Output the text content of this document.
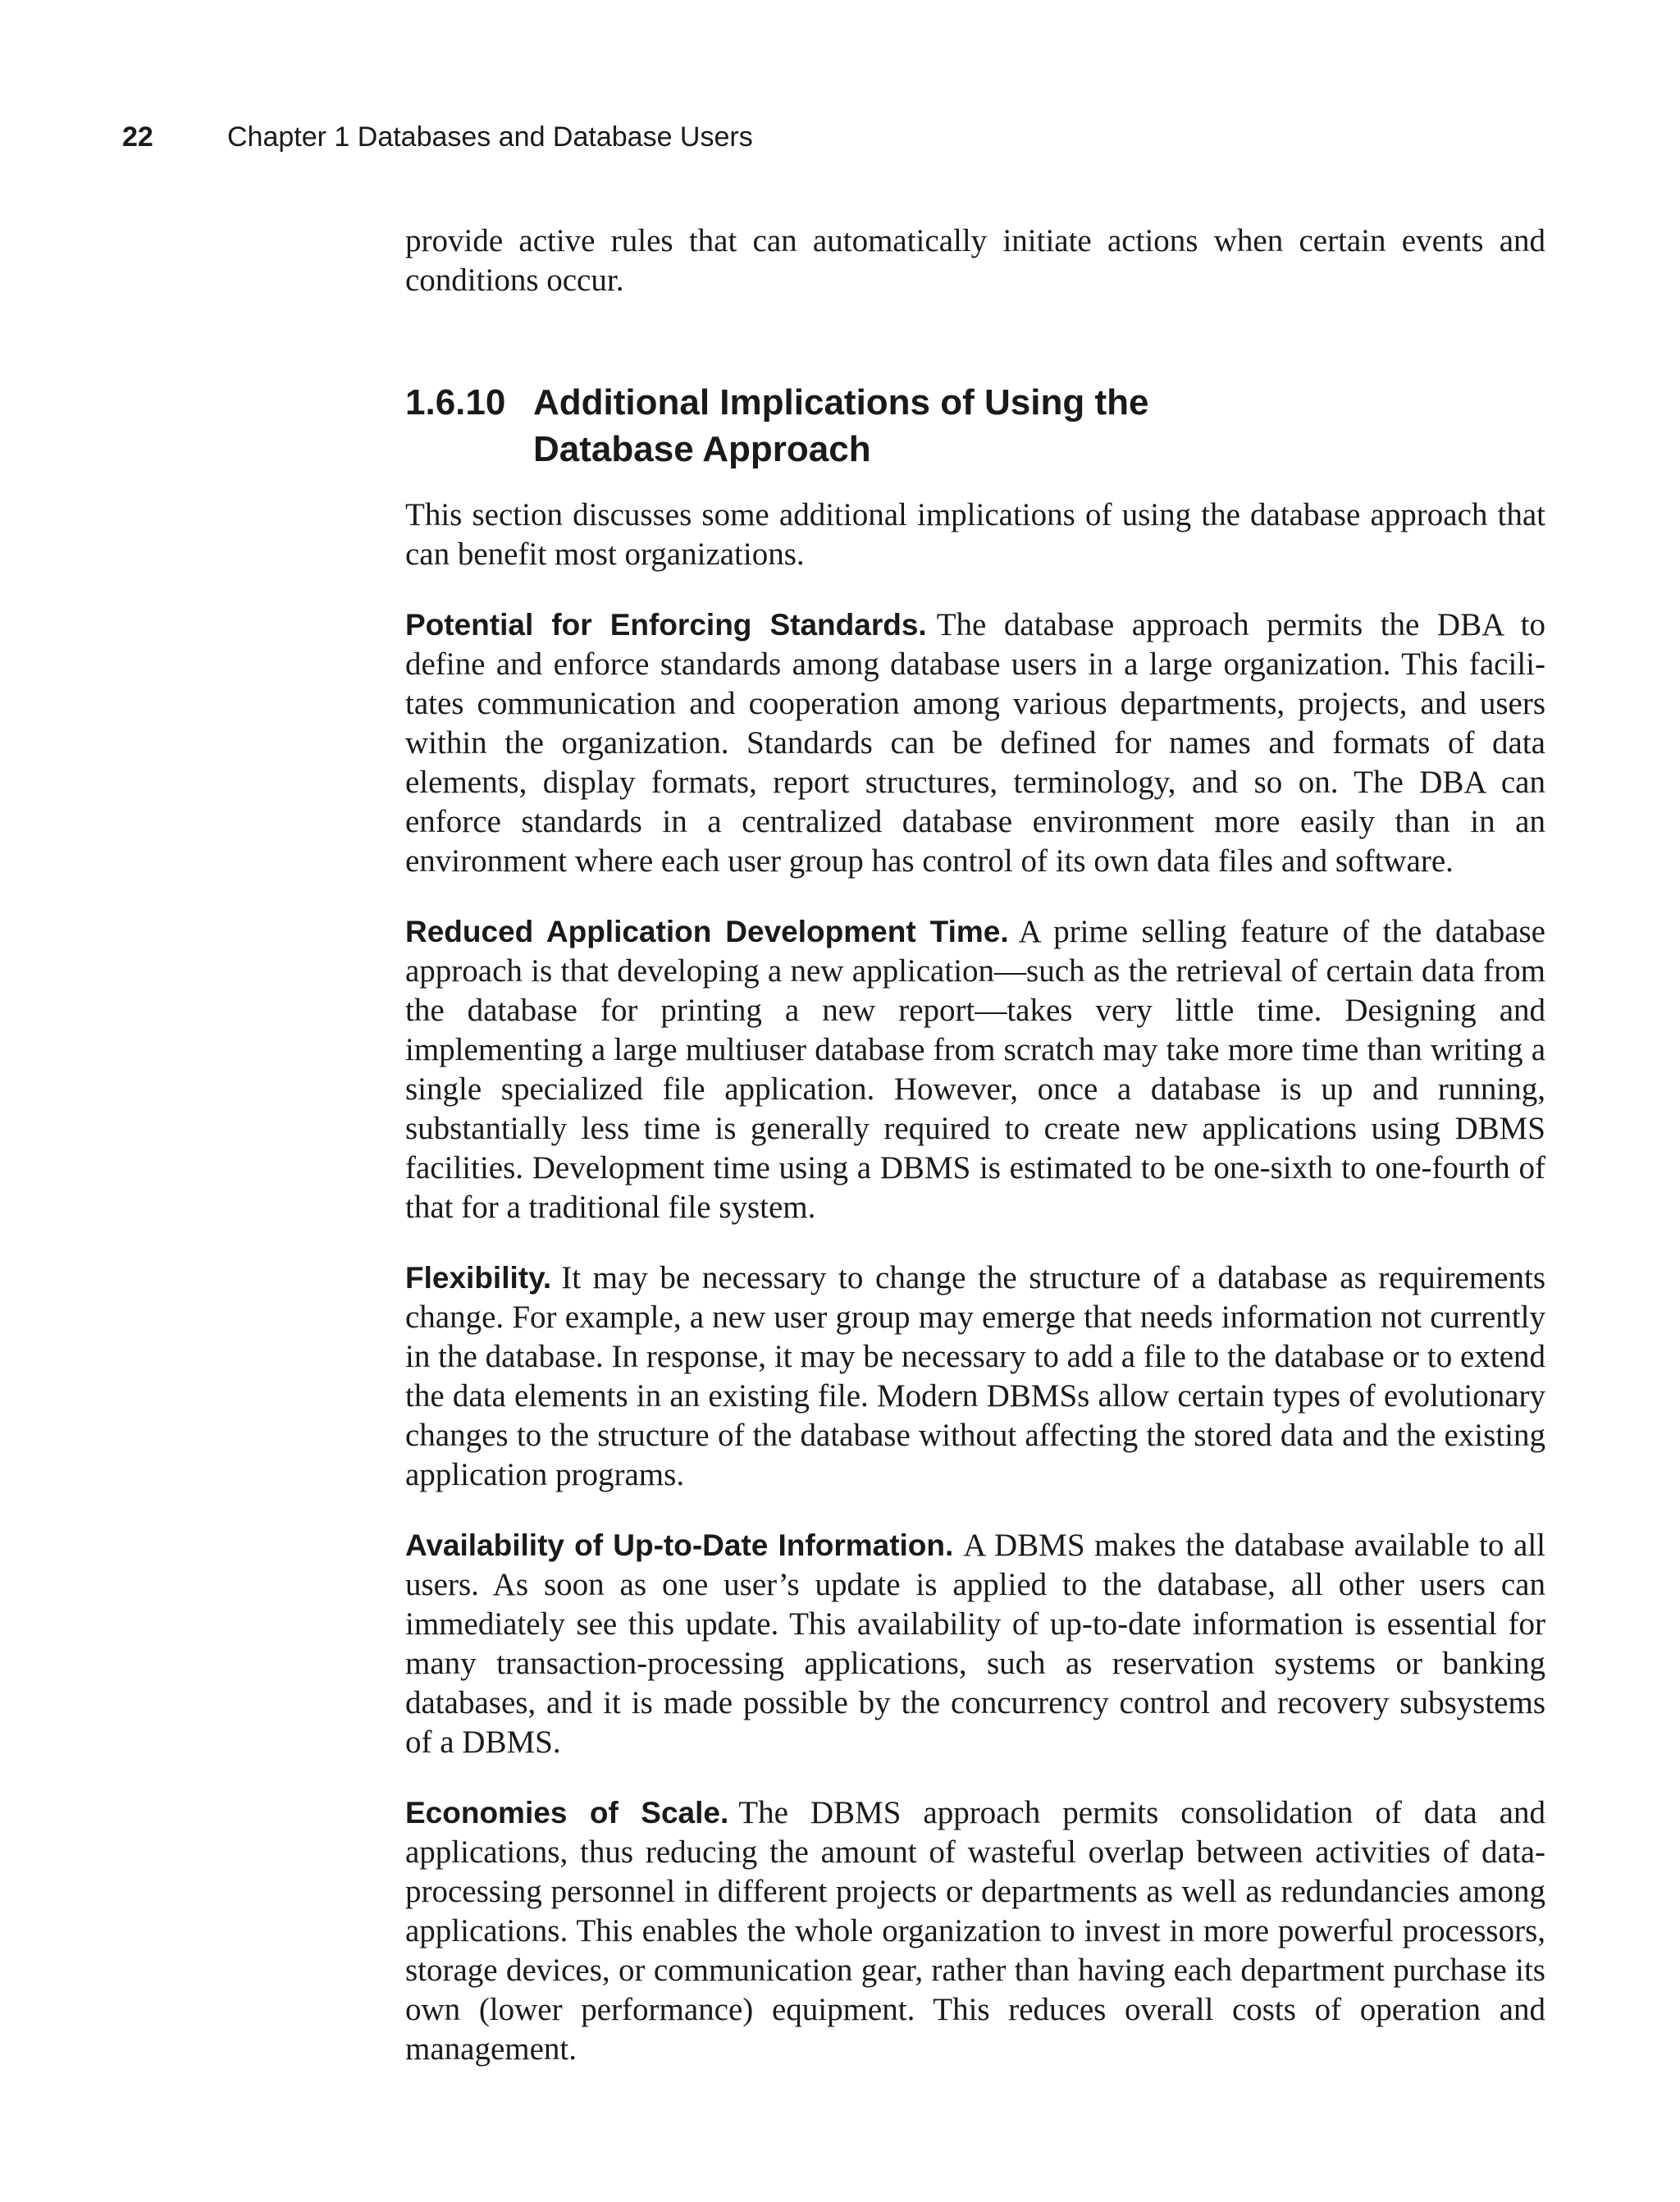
22	Chapter 1 Databases and Database Users

provide active rules that can automatically initiate actions when certain events and conditions occur.

1.6.10 Additional Implications of Using the Database Approach

This section discusses some additional implications of using the database approach that can benefit most organizations.

Potential for Enforcing Standards. The database approach permits the DBA to define and enforce standards among database users in a large organization. This facilitates communication and cooperation among various departments, projects, and users within the organization. Standards can be defined for names and formats of data elements, display formats, report structures, terminology, and so on. The DBA can enforce standards in a centralized database environment more easily than in an environment where each user group has control of its own data files and software.

Reduced Application Development Time. A prime selling feature of the database approach is that developing a new application—such as the retrieval of certain data from the database for printing a new report—takes very little time. Designing and implementing a large multiuser database from scratch may take more time than writing a single specialized file application. However, once a database is up and running, substantially less time is generally required to create new applications using DBMS facilities. Development time using a DBMS is estimated to be one-sixth to one-fourth of that for a traditional file system.

Flexibility. It may be necessary to change the structure of a database as requirements change. For example, a new user group may emerge that needs information not currently in the database. In response, it may be necessary to add a file to the database or to extend the data elements in an existing file. Modern DBMSs allow certain types of evolutionary changes to the structure of the database without affecting the stored data and the existing application programs.

Availability of Up-to-Date Information. A DBMS makes the database available to all users. As soon as one user’s update is applied to the database, all other users can immediately see this update. This availability of up-to-date information is essential for many transaction-processing applications, such as reservation systems or banking databases, and it is made possible by the concurrency control and recovery subsystems of a DBMS.

Economies of Scale. The DBMS approach permits consolidation of data and applications, thus reducing the amount of wasteful overlap between activities of data-processing personnel in different projects or departments as well as redundancies among applications. This enables the whole organization to invest in more powerful processors, storage devices, or communication gear, rather than having each department purchase its own (lower performance) equipment. This reduces overall costs of operation and management.
